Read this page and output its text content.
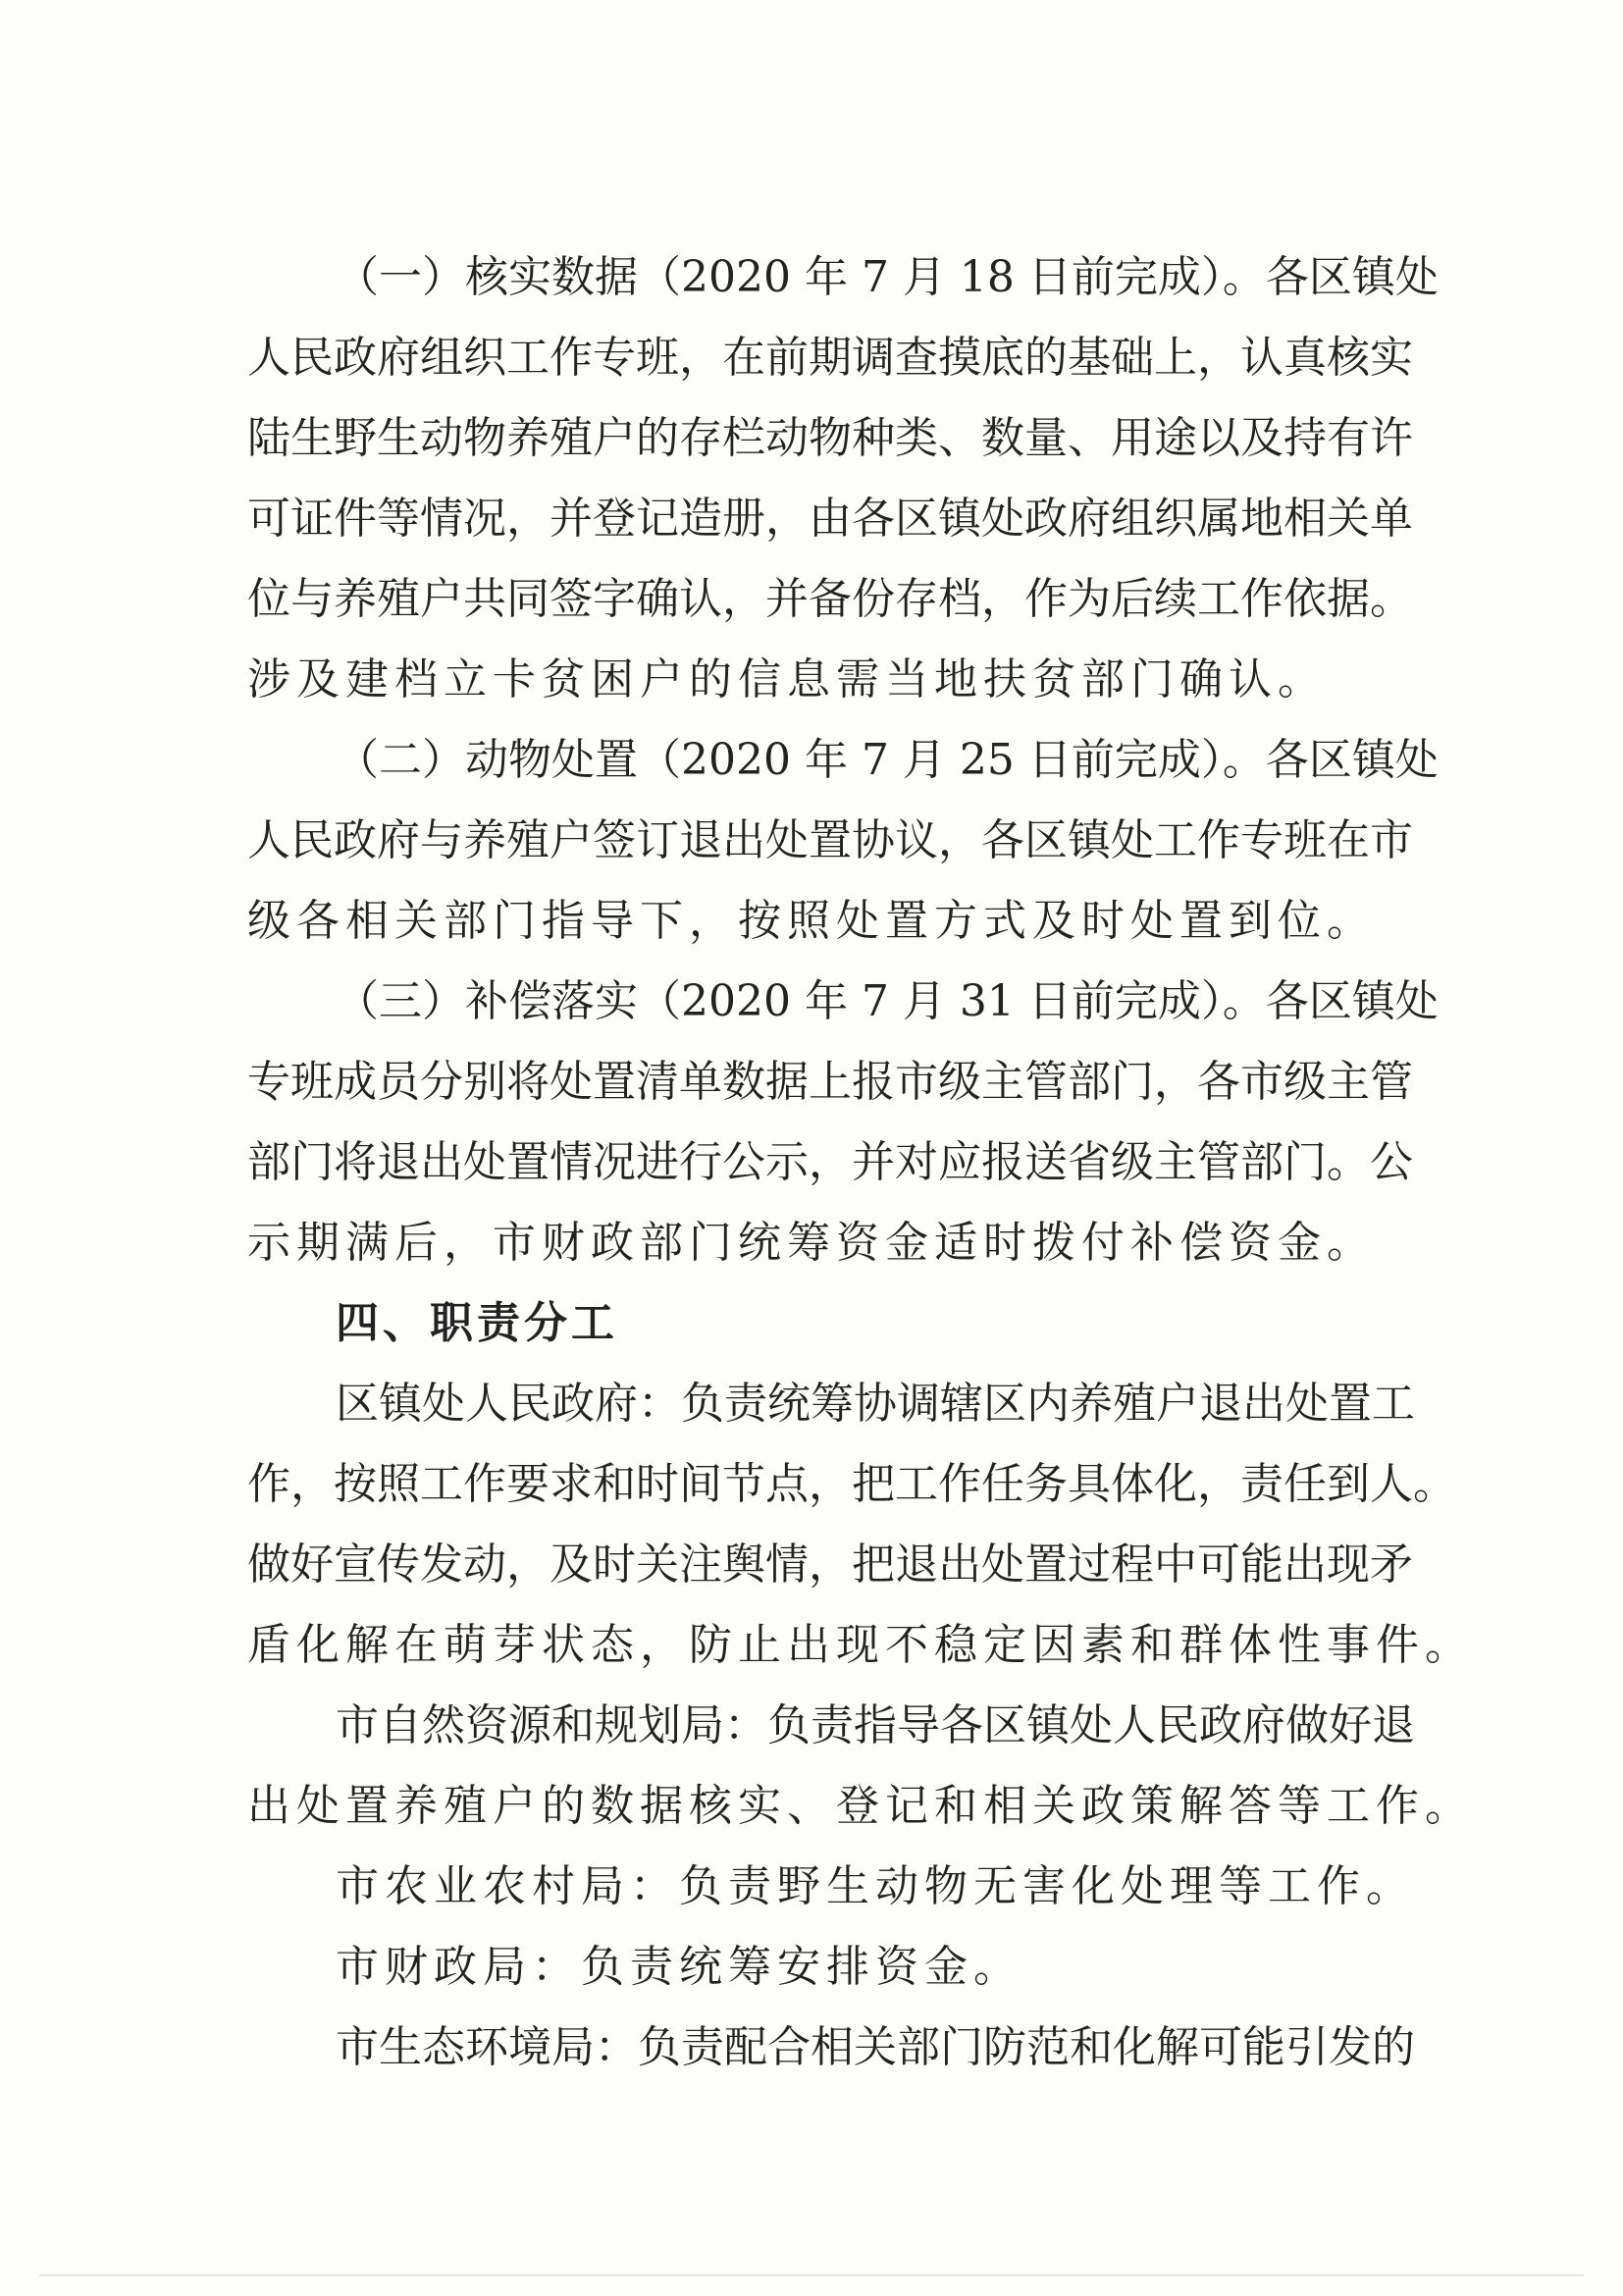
（一）核实数据（2020 年 7 月 18 日前完成）。各区镇处

人民政府组织工作专班，在前期调查摸底的基础上，认真核实

陆生野生动物养殖户的存栏动物种类、数量、用途以及持有许

可证件等情况，并登记造册，由各区镇处政府组织属地相关单

位与养殖户共同签字确认，并备份存档，作为后续工作依据。

涉及建档立卡贫困户的信息需当地扶贫部门确认。

（二）动物处置（2020 年 7 月 25 日前完成）。各区镇处

人民政府与养殖户签订退出处置协议，各区镇处工作专班在市

级各相关部门指导下，按照处置方式及时处置到位。

（三）补偿落实（2020 年 7 月 31 日前完成）。各区镇处

专班成员分别将处置清单数据上报市级主管部门，各市级主管

部门将退出处置情况进行公示，并对应报送省级主管部门。公

示期满后，市财政部门统筹资金适时拨付补偿资金。

四、职责分工

区镇处人民政府：负责统筹协调辖区内养殖户退出处置工

作，按照工作要求和时间节点，把工作任务具体化，责任到人。

做好宣传发动，及时关注舆情，把退出处置过程中可能出现矛

盾化解在萌芽状态，防止出现不稳定因素和群体性事件。

市自然资源和规划局：负责指导各区镇处人民政府做好退

出处置养殖户的数据核实、登记和相关政策解答等工作。

市农业农村局：负责野生动物无害化处理等工作。

市财政局：负责统筹安排资金。

市生态环境局：负责配合相关部门防范和化解可能引发的
